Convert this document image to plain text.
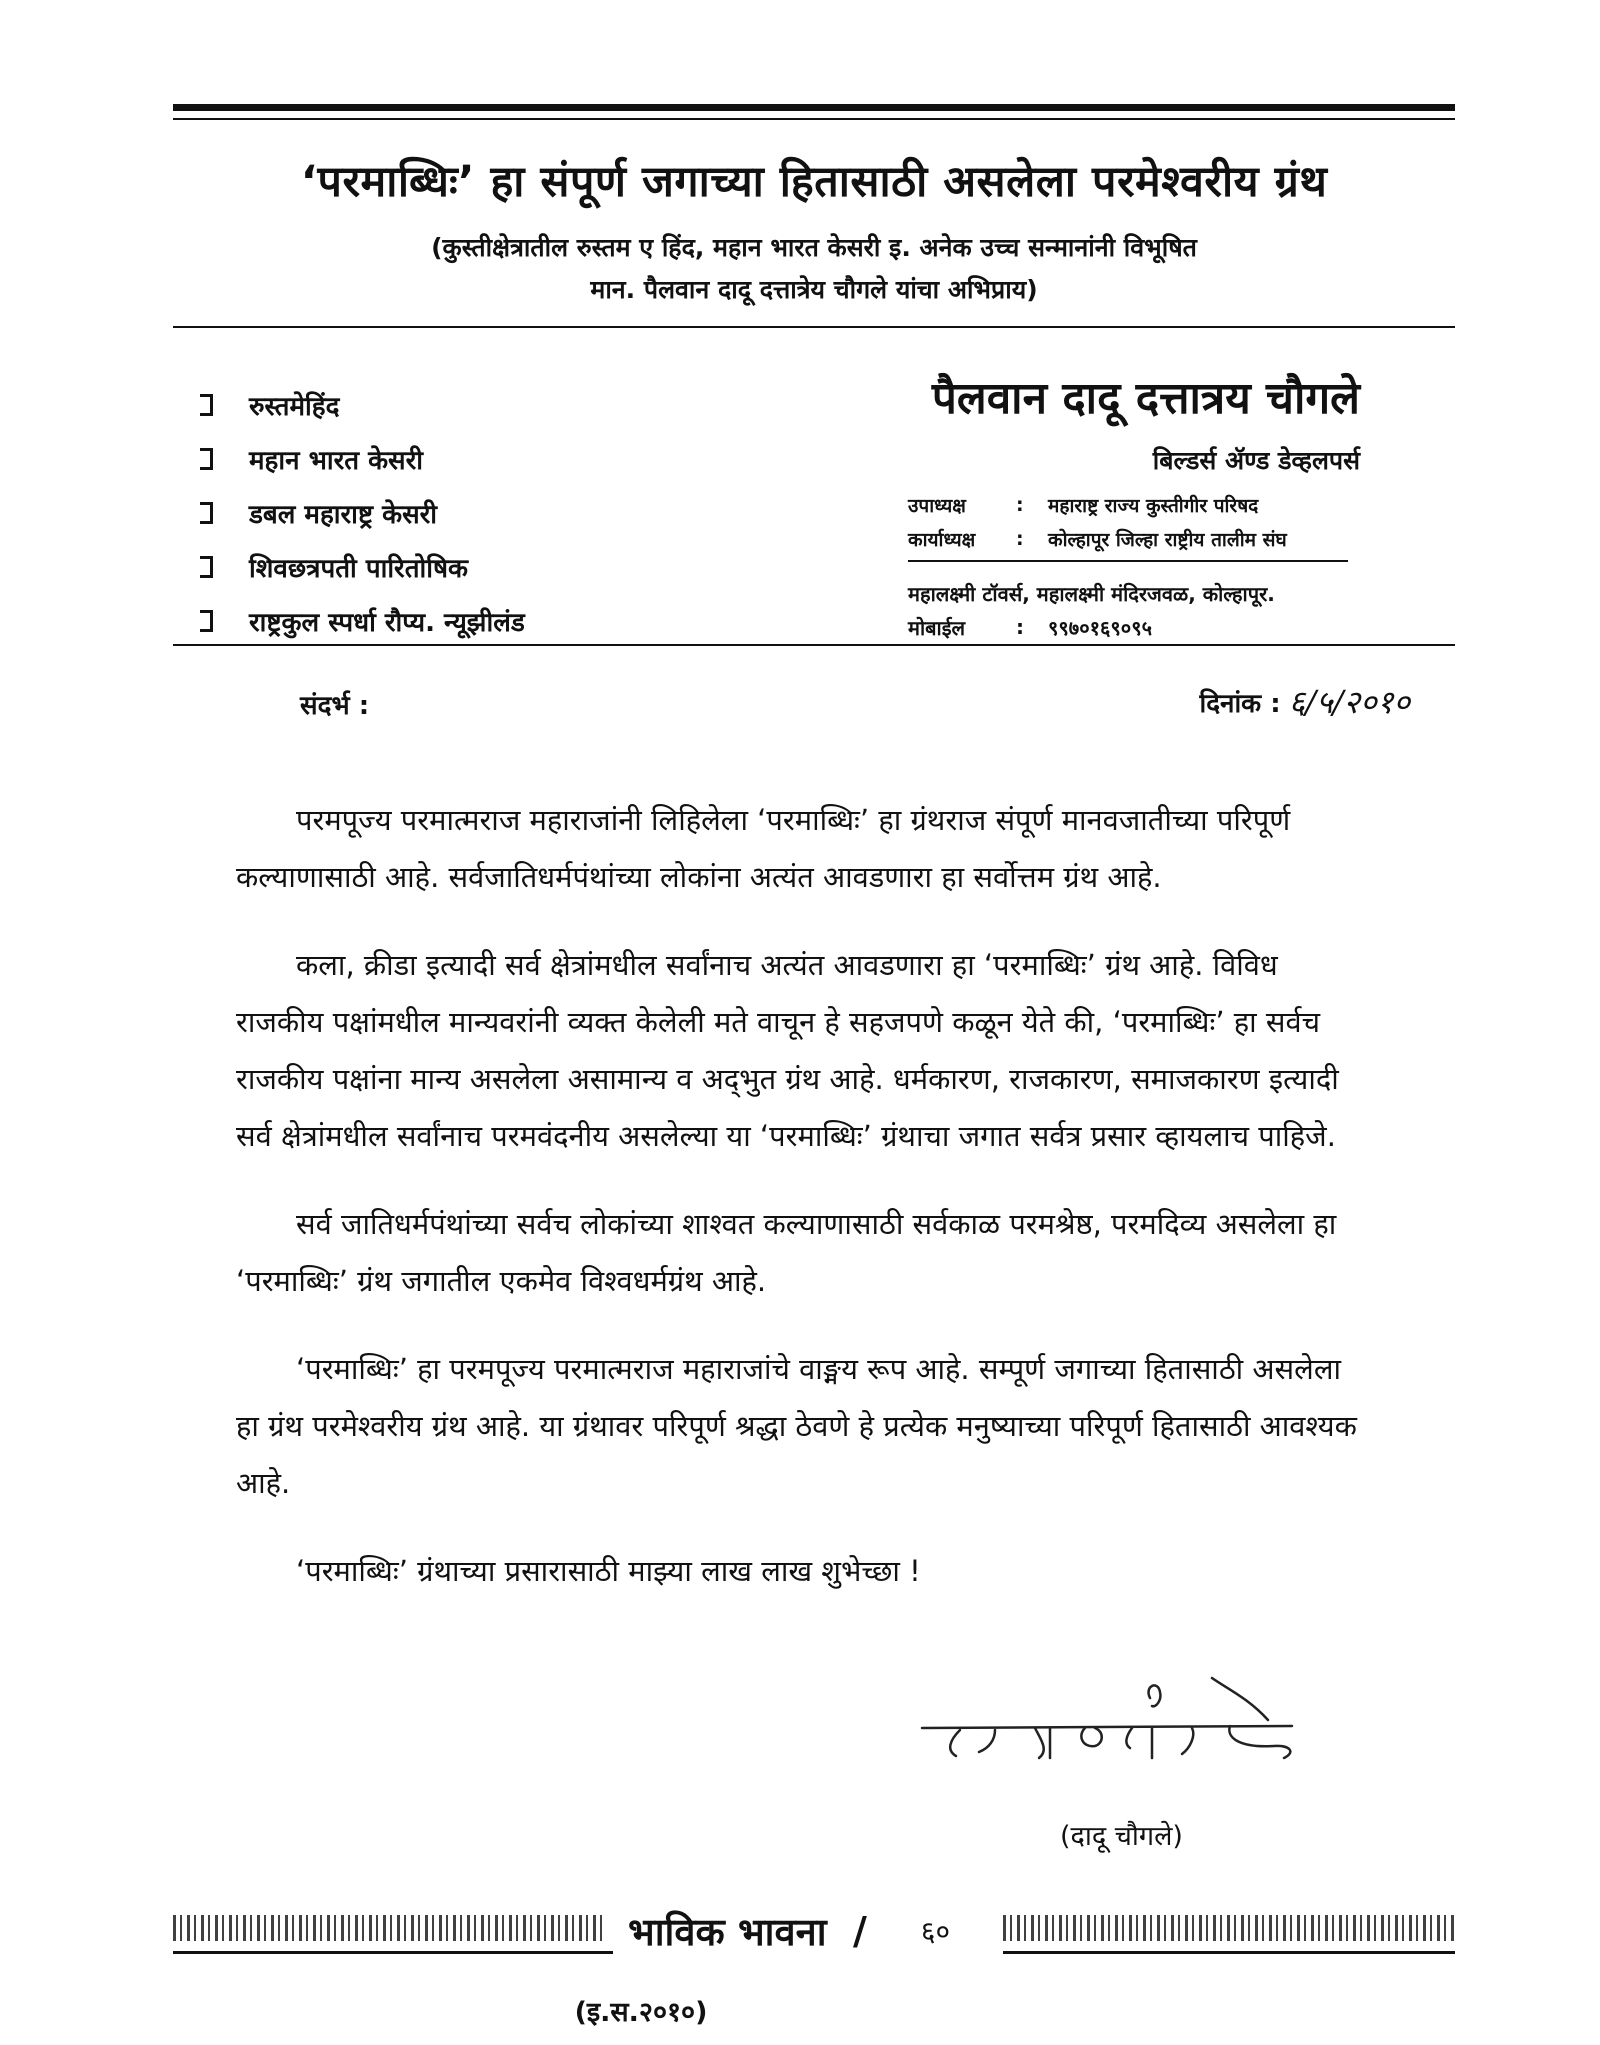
‘परमाब्धिः’ हा संपूर्ण जगाच्या हितासाठी असलेला परमेश्वरीय ग्रंथ
(कुस्तीक्षेत्रातील रुस्तम ए हिंद, महान भारत केसरी इ. अनेक उच्च सन्मानांनी विभूषित
मान. पैलवान दादू दत्तात्रेय चौगले यांचा अभिप्राय)
रुस्तमेहिंद
महान भारत केसरी
डबल महाराष्ट्र केसरी
शिवछत्रपती पारितोषिक
राष्ट्रकुल स्पर्धा रौप्य. न्यूझीलंड
पैलवान दादू दत्तात्रय चौगले
बिल्डर्स ॲण्ड डेव्हलपर्स
उपाध्यक्ष	:	महाराष्ट्र राज्य कुस्तीगीर परिषद
कार्याध्यक्ष	:	कोल्हापूर जिल्हा राष्ट्रीय तालीम संघ
महालक्ष्मी टॉवर्स, महालक्ष्मी मंदिरजवळ, कोल्हापूर.
मोबाईल	:	९९७०१६९०९५
संदर्भ :	दिनांक : ६/५/२०१०

परमपूज्य परमात्मराज महाराजांनी लिहिलेला ‘परमाब्धिः’ हा ग्रंथराज संपूर्ण मानवजातीच्या परिपूर्ण कल्याणासाठी आहे. सर्वजातिधर्मपंथांच्या लोकांना अत्यंत आवडणारा हा सर्वोत्तम ग्रंथ आहे.

कला, क्रीडा इत्यादी सर्व क्षेत्रांमधील सर्वांनाच अत्यंत आवडणारा हा ‘परमाब्धिः’ ग्रंथ आहे. विविध राजकीय पक्षांमधील मान्यवरांनी व्यक्त केलेली मते वाचून हे सहजपणे कळून येते की, ‘परमाब्धिः’ हा सर्वच राजकीय पक्षांना मान्य असलेला असामान्य व अद्‌भुत ग्रंथ आहे. धर्मकारण, राजकारण, समाजकारण इत्यादी सर्व क्षेत्रांमधील सर्वांनाच परमवंदनीय असलेल्या या ‘परमाब्धिः’ ग्रंथाचा जगात सर्वत्र प्रसार व्हायलाच पाहिजे.

सर्व जातिधर्मपंथांच्या सर्वच लोकांच्या शाश्वत कल्याणासाठी सर्वकाळ परमश्रेष्ठ, परमदिव्य असलेला हा ‘परमाब्धिः’ ग्रंथ जगातील एकमेव विश्वधर्मग्रंथ आहे.

‘परमाब्धिः’ हा परमपूज्य परमात्मराज महाराजांचे वाङ्मय रूप आहे. सम्पूर्ण जगाच्या हितासाठी असलेला हा ग्रंथ परमेश्वरीय ग्रंथ आहे. या ग्रंथावर परिपूर्ण श्रद्धा ठेवणे हे प्रत्येक मनुष्याच्या परिपूर्ण हितासाठी आवश्यक आहे.

‘परमाब्धिः’ ग्रंथाच्या प्रसारासाठी माझ्या लाख लाख शुभेच्छा !

(दादू चौगले)
भाविक भावना
/ ६०
(इ.स.२०१०)
